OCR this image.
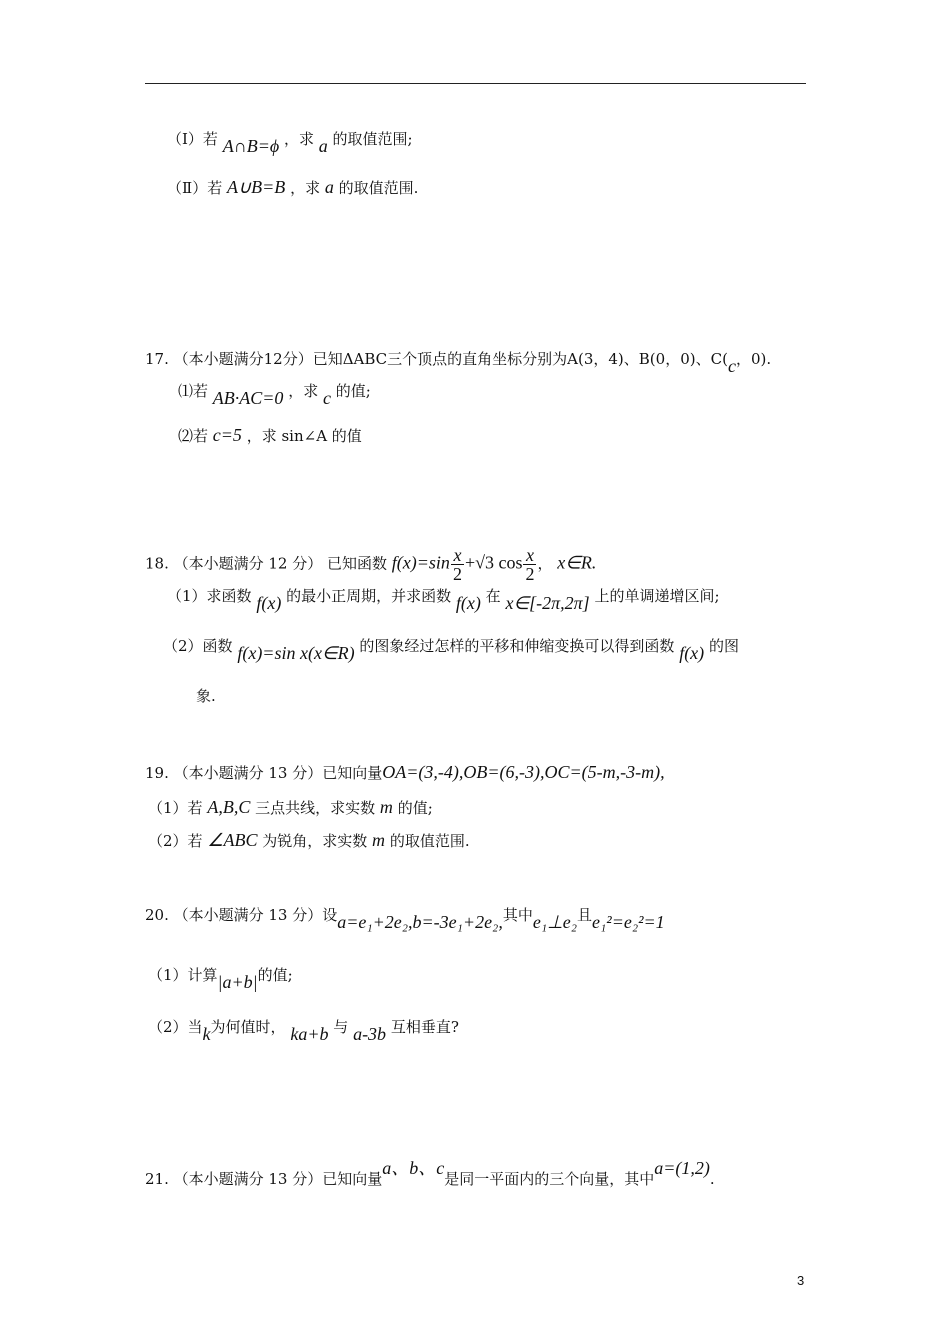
（Ⅰ）若 A∩B=ϕ ，求 a 的取值范围;
（Ⅱ）若 A∪B=B ，求 a 的取值范围.
17. （本小题满分12分）已知ΔABC三个顶点的直角坐标分别为A(3，4)、B(0，0)、C(c，0).
⑴若 AB·AC=0 ，求 c 的值;
⑵若 c=5 ，求 sin∠A 的值
18. （本小题满分 12 分） 已知函数 $f(x)=\sin \frac{x}{2} +√3$ $\cos \frac{x}{2}$ ， x∈R.
（1）求函数 f(x) 的最小正周期，并求函数 f(x) 在 x∈[-2π,2π] 上的单调递增区间;
（2）函数 f(x)=sin x(x∈R) 的图象经过怎样的平移和伸缩变换可以得到函数 f(x) 的图
象.
19. （本小题满分 13 分）已知向量OA=(3,-4),OB=(6,-3),OC=(5-m,-3-m),
（1）若 A,B,C 三点共线，求实数 m 的值;
（2）若 ∠ABC 为锐角，求实数 m 的取值范围.
20. （本小题满分 13 分）设a=e₁+2e₂,b=-3e₁+2e₂,其中e₁⊥e₂且e₁²=e₂²=1
（1）计算|a+b|的值;
（2）当k为何值时， ka+b 与 a-3b 互相垂直?
21. （本小题满分 13 分）已知向量a、b、c是同一平面内的三个向量，其中a=(1,2).
3
